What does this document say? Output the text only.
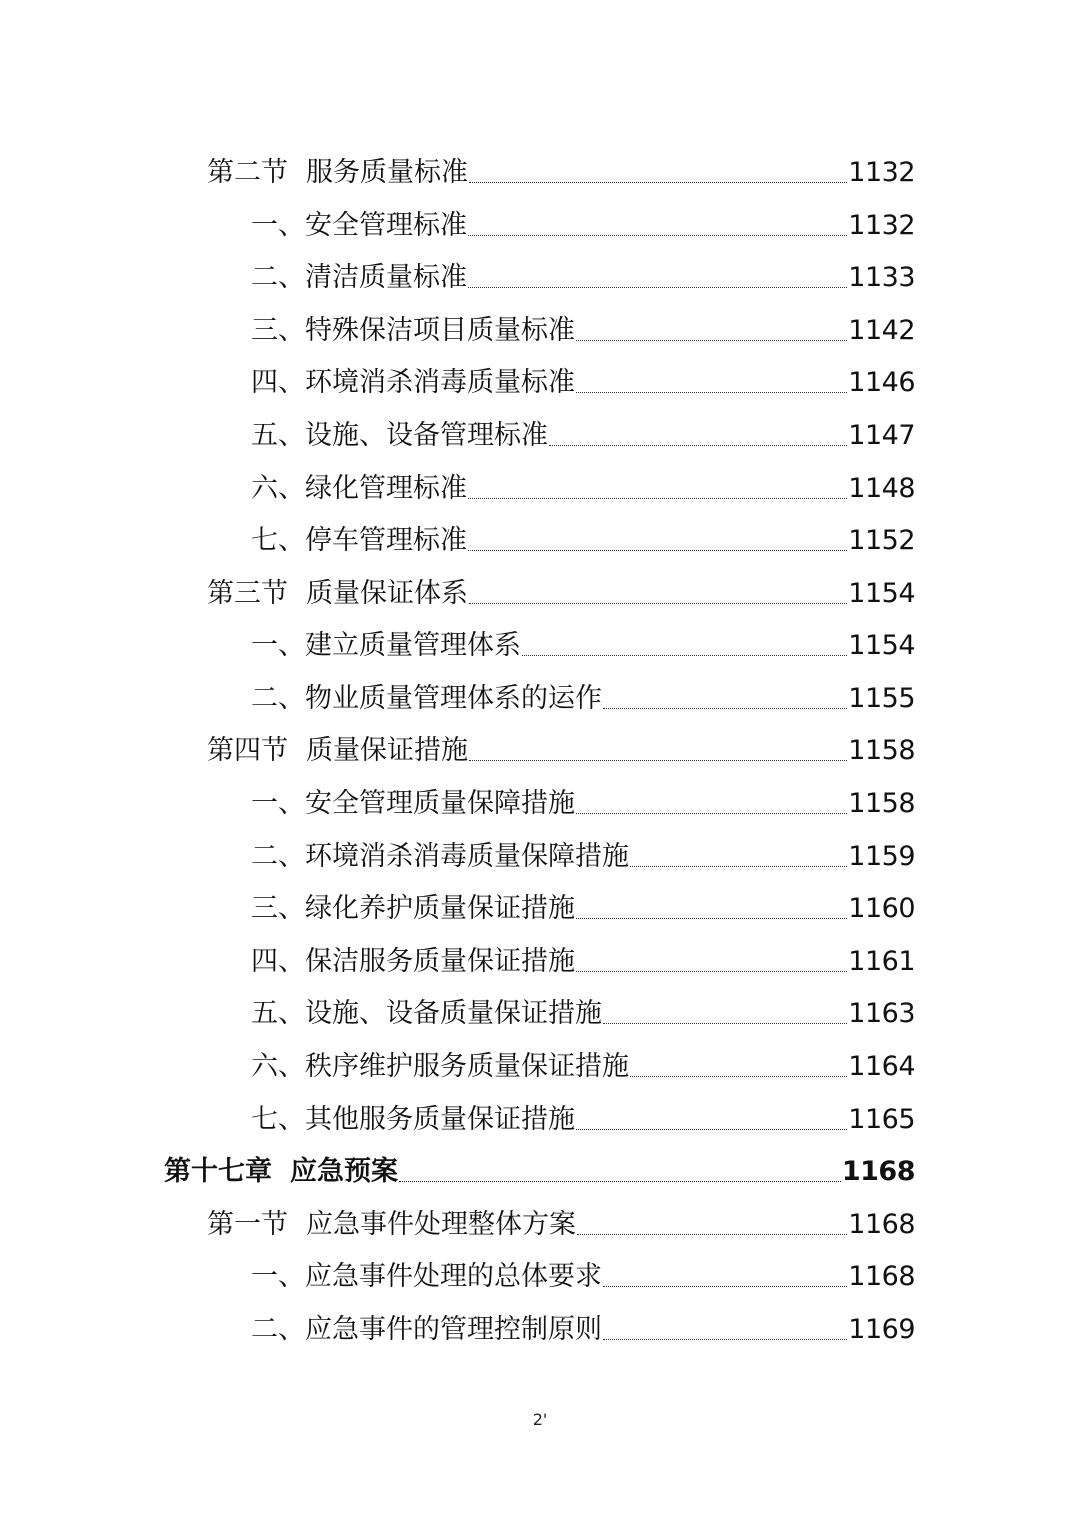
第二节 服务质量标准	1132
一、安全管理标准	1132
二、清洁质量标准	1133
三、特殊保洁项目质量标准	1142
四、环境消杀消毒质量标准	1146
五、设施、设备管理标准	1147
六、绿化管理标准	1148
七、停车管理标准	1152
第三节 质量保证体系	1154
一、建立质量管理体系	1154
二、物业质量管理体系的运作	1155
第四节 质量保证措施	1158
一、安全管理质量保障措施	1158
二、环境消杀消毒质量保障措施	1159
三、绿化养护质量保证措施	1160
四、保洁服务质量保证措施	1161
五、设施、设备质量保证措施	1163
六、秩序维护服务质量保证措施	1164
七、其他服务质量保证措施	1165
第十七章 应急预案	1168
第一节 应急事件处理整体方案	1168
一、应急事件处理的总体要求	1168
二、应急事件的管理控制原则	1169
2'
